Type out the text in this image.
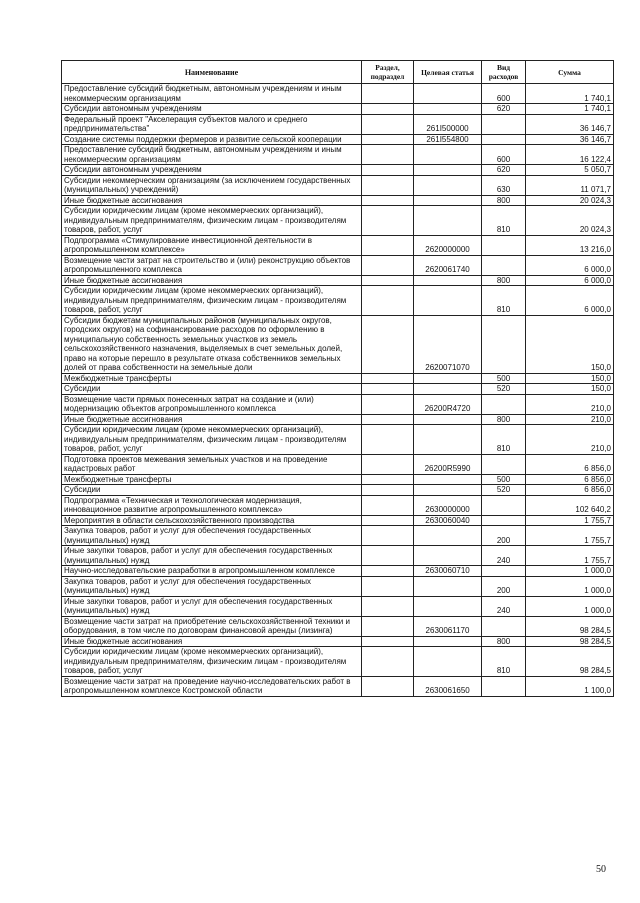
Наименование	Раздел, подраздел	Целевая статья	Вид расходов	Сумма
Предоставление субсидий бюджетным, автономным учреждениям и иным некоммерческим организациям			600	1 740,1
Субсидии автономным учреждениям			620	1 740,1
Федеральный проект "Акселерация субъектов малого и среднего предпринимательства"		261I500000		36 146,7
Создание системы поддержки фермеров и развитие сельской кооперации		261I554800		36 146,7
Предоставление субсидий бюджетным, автономным учреждениям и иным некоммерческим организациям			600	16 122,4
Субсидии автономным учреждениям			620	5 050,7
Субсидии некоммерческим организациям (за исключением государственных (муниципальных) учреждений)			630	11 071,7
Иные бюджетные ассигнования			800	20 024,3
Субсидии юридическим лицам (кроме некоммерческих организаций), индивидуальным предпринимателям, физическим лицам - производителям товаров, работ, услуг			810	20 024,3
Подпрограмма «Стимулирование инвестиционной деятельности в агропромышленном комплексе»		2620000000		13 216,0
Возмещение части затрат на строительство и (или) реконструкцию объектов агропромышленного комплекса		2620061740		6 000,0
Иные бюджетные ассигнования			800	6 000,0
Субсидии юридическим лицам (кроме некоммерческих организаций), индивидуальным предпринимателям, физическим лицам - производителям товаров, работ, услуг			810	6 000,0
Субсидии бюджетам муниципальных районов (муниципальных округов, городских округов) на софинансирование расходов по оформлению в муниципальную собственность земельных участков из земель сельскохозяйственного назначения, выделяемых в счет земельных долей, право на которые перешло в результате отказа собственников земельных долей от права собственности на земельные доли		2620071070		150,0
Межбюджетные трансферты			500	150,0
Субсидии			520	150,0
Возмещение части прямых понесенных затрат на создание и (или) модернизацию объектов агропромышленного комплекса		26200R4720		210,0
Иные бюджетные ассигнования			800	210,0
Субсидии юридическим лицам (кроме некоммерческих организаций), индивидуальным предпринимателям, физическим лицам - производителям товаров, работ, услуг			810	210,0
Подготовка проектов межевания земельных участков и на проведение кадастровых работ		26200R5990		6 856,0
Межбюджетные трансферты			500	6 856,0
Субсидии			520	6 856,0
Подпрограмма «Техническая и технологическая модернизация, инновационное развитие агропромышленного комплекса»		2630000000		102 640,2
Мероприятия в области сельскохозяйственного производства		2630060040		1 755,7
Закупка товаров, работ и услуг для обеспечения государственных (муниципальных) нужд			200	1 755,7
Иные закупки товаров, работ и услуг для обеспечения государственных (муниципальных) нужд			240	1 755,7
Научно-исследовательские разработки в агропромышленном комплексе		2630060710		1 000,0
Закупка товаров, работ и услуг для обеспечения государственных (муниципальных) нужд			200	1 000,0
Иные закупки товаров, работ и услуг для обеспечения государственных (муниципальных) нужд			240	1 000,0
Возмещение части затрат на приобретение сельскохозяйственной техники и оборудования, в том числе по договорам финансовой аренды (лизинга)		2630061170		98 284,5
Иные бюджетные ассигнования			800	98 284,5
Субсидии юридическим лицам (кроме некоммерческих организаций), индивидуальным предпринимателям, физическим лицам - производителям товаров, работ, услуг			810	98 284,5
Возмещение части затрат на проведение научно-исследовательских работ в агропромышленном комплексе Костромской области		2630061650		1 100,0
50
